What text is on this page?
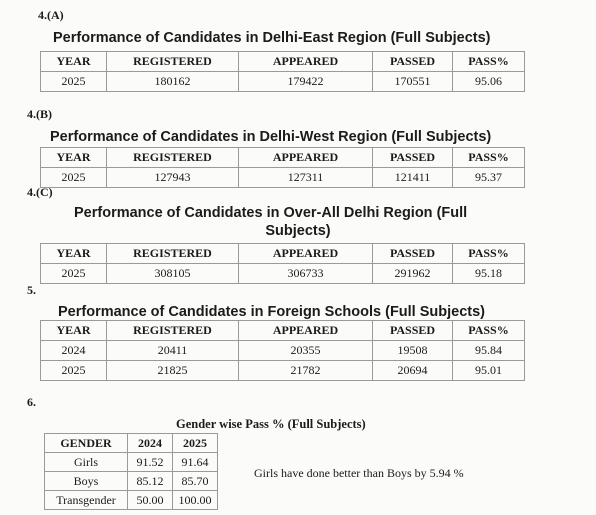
4.(A)
Performance of Candidates in Delhi-East Region (Full Subjects)
YEAR	REGISTERED	APPEARED	PASSED	PASS%
2025	180162	179422	170551	95.06
4.(B)
Performance of Candidates in Delhi-West Region (Full Subjects)
YEAR	REGISTERED	APPEARED	PASSED	PASS%
2025	127943	127311	121411	95.37
4.(C)
Performance of Candidates in Over-All Delhi Region (Full
Subjects)
YEAR	REGISTERED	APPEARED	PASSED	PASS%
2025	308105	306733	291962	95.18
5.
Performance of Candidates in Foreign Schools (Full Subjects)
YEAR	REGISTERED	APPEARED	PASSED	PASS%
2024	20411	20355	19508	95.84
2025	21825	21782	20694	95.01
6.
Gender wise Pass % (Full Subjects)
GENDER	2024	2025
Girls	91.52	91.64
Boys	85.12	85.70
Transgender	50.00	100.00
Girls have done better than Boys by 5.94 %
